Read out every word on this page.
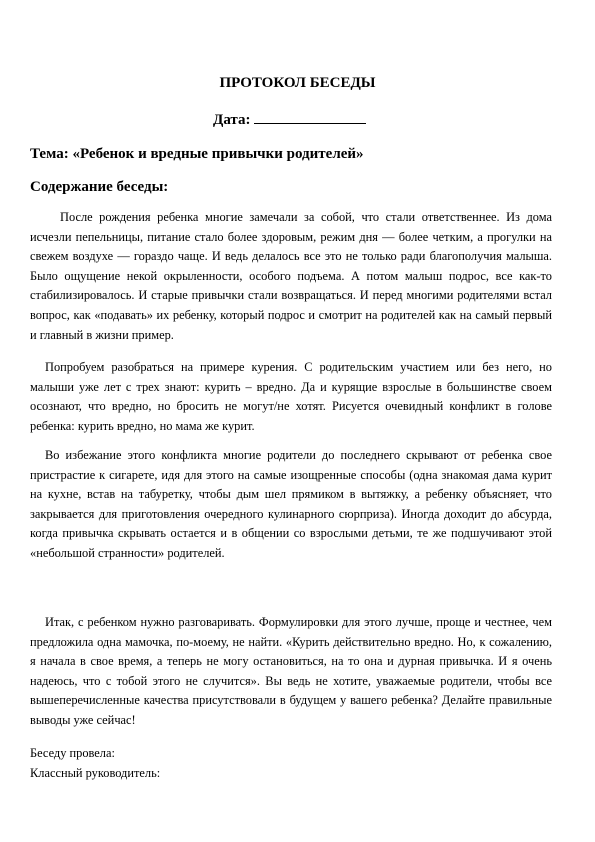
ПРОТОКОЛ БЕСЕДЫ
Дата:
Тема: «Ребенок и вредные привычки родителей»
Содержание беседы:

После рождения ребенка многие замечали за собой, что стали ответственнее. Из дома исчезли пепельницы, питание стало более здоровым, режим дня — более четким, а прогулки на свежем воздухе — гораздо чаще. И ведь делалось все это не только ради благополучия малыша. Было ощущение некой окрыленности, особого подъема. А потом малыш подрос, все как-то стабилизировалось. И старые привычки стали возвращаться. И перед многими родителями встал вопрос, как «подавать» их ребенку, который подрос и смотрит на родителей как на самый первый и главный в жизни пример.

Попробуем разобраться на примере курения. С родительским участием или без него, но малыши уже лет с трех знают: курить – вредно. Да и курящие взрослые в большинстве своем осознают, что вредно, но бросить не могут/не хотят. Рисуется очевидный конфликт в голове ребенка: курить вредно, но мама же курит.

Во избежание этого конфликта многие родители до последнего скрывают от ребенка свое пристрастие к сигарете, идя для этого на самые изощренные способы (одна знакомая дама курит на кухне, встав на табуретку, чтобы дым шел прямиком в вытяжку, а ребенку объясняет, что закрывается для приготовления очередного кулинарного сюрприза). Иногда доходит до абсурда, когда привычка скрывать остается и в общении со взрослыми детьми, те же подшучивают этой «небольшой странности» родителей.

Итак, с ребенком нужно разговаривать. Формулировки для этого лучше, проще и честнее, чем предложила одна мамочка, по-моему, не найти. «Курить действительно вредно. Но, к сожалению, я начала в свое время, а теперь не могу остановиться, на то она и дурная привычка. И я очень надеюсь, что с тобой этого не случится». Вы ведь не хотите, уважаемые родители, чтобы все вышеперечисленные качества присутствовали в будущем у вашего ребенка? Делайте правильные выводы уже сейчас!

Беседу провела:
Классный руководитель:
